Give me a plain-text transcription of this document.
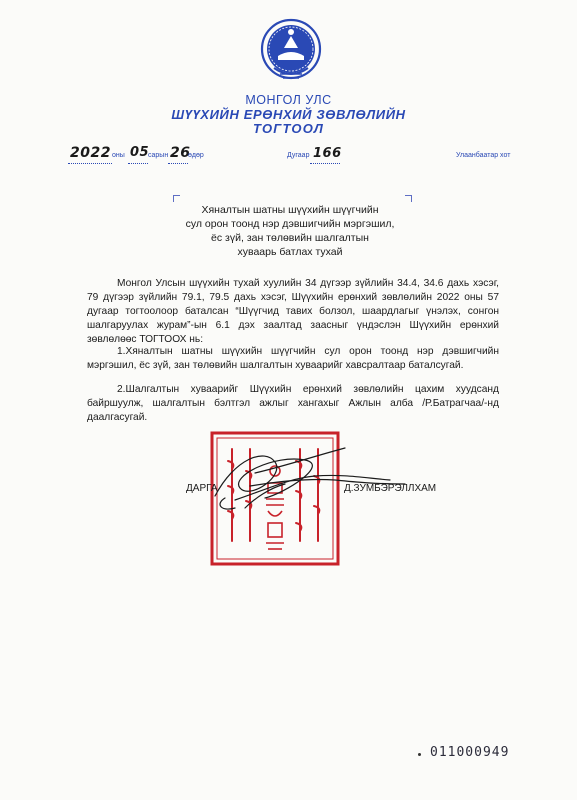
МОНГОЛ УЛС
ШҮҮХИЙН ЕРӨНХИЙ ЗӨВЛӨЛИЙН
ТОГТООЛ
2022 оны 05
сарын 26
өдөр	Дугаар 166	Улаанбаатар хот
Хяналтын шатны шүүхийн шүүгчийн
сул орон тоонд нэр дэвшигчийн мэргэшил,
ёс зүй, зан төлөвийн шалгалтын
хуваарь батлах тухай
Монгол Улсын шүүхийн тухай хуулийн 34 дүгээр зүйлийн 34.4, 34.6 дахь хэсэг, 79 дүгээр зүйлийн 79.1, 79.5 дахь хэсэг, Шүүхийн ерөнхий зөвлөлийн 2022 оны 57 дугаар тогтоолоор баталсан “Шүүгчид тавих болзол, шаардлагыг үнэлэх, сонгон шалгаруулах журам”-ын 6.1 дэх заалтад заасныг үндэслэн Шүүхийн ерөнхий зөвлөлөөс ТОГТООХ нь:
1.Хяналтын шатны шүүхийн шүүгчийн сул орон тоонд нэр дэвшигчийн мэргэшил, ёс зүй, зан төлөвийн шалгалтын хуваарийг хавсралтаар баталсугай.
2.Шалгалтын хуваарийг Шүүхийн ерөнхий зөвлөлийн цахим хуудсанд байршуулж, шалгалтын бэлтгэл ажлыг хангахыг Ажлын алба /Р.Батрагчаа/-нд даалгасугай.
ДАРГА	Д.ЗУМБЭРЭЛЛХАМ
011000949
